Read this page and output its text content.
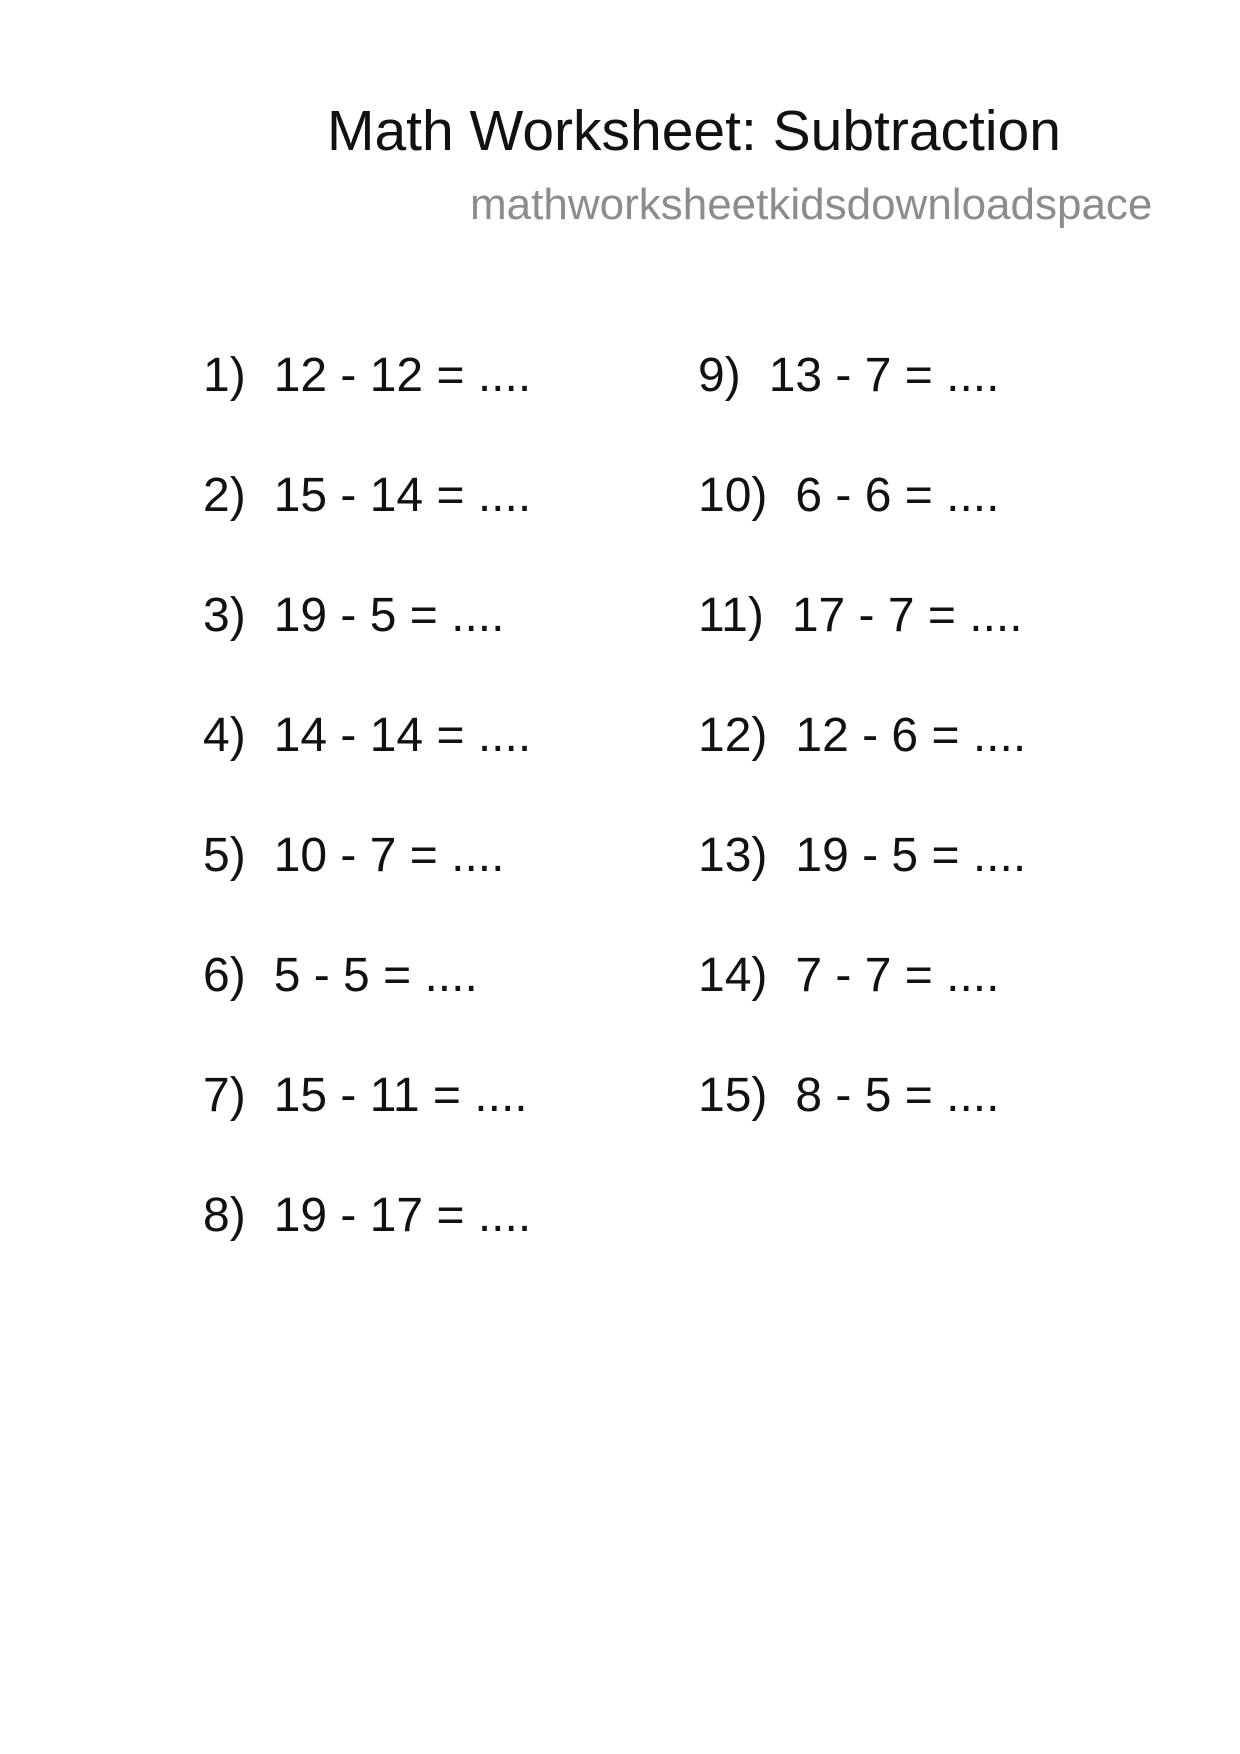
Math Worksheet: Subtraction
mathworksheetkidsdownloadspace
1) 12 - 12 = ....
2) 15 - 14 = ....
3) 19 - 5 = ....
4) 14 - 14 = ....
5) 10 - 7 = ....
6) 5 - 5 = ....
7) 15 - 11 = ....
8) 19 - 17 = ....
9) 13 - 7 = ....
10) 6 - 6 = ....
11) 17 - 7 = ....
12) 12 - 6 = ....
13) 19 - 5 = ....
14) 7 - 7 = ....
15) 8 - 5 = ....
